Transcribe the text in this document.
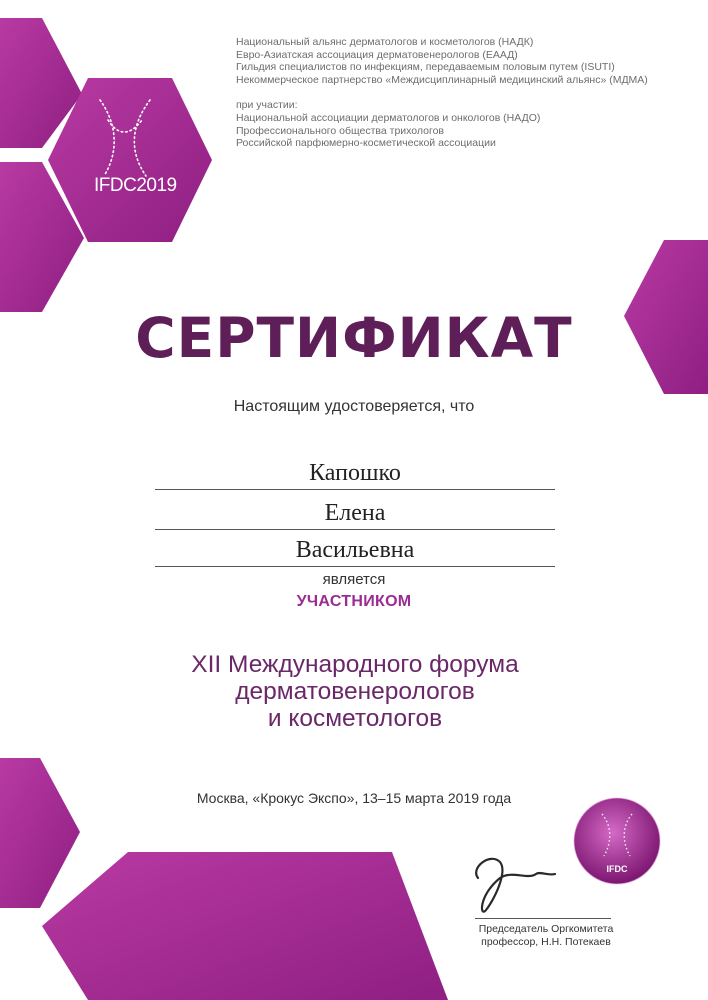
IFDC2019
IFDC
Национальный альянс дерматологов и косметологов (НАДК)
Евро-Азиатская ассоциация дерматовенерологов (ЕААД)
Гильдия специалистов по инфекциям, передаваемым половым путем (ISUTI)
Некоммерческое партнерство «Междисциплинарный медицинский альянс» (МДМА)
при участии:
Национальной ассоциации дерматологов и онкологов (НАДО)
Профессионального общества трихологов
Российской парфюмерно-косметической ассоциации
СЕРТИФИКАТ
Настоящим удостоверяется, что
Капошко
Елена
Васильевна
является
УЧАСТНИКОМ
XII Международного форума
дерматовенерологов
и косметологов
Москва, «Крокус Экспо», 13–15 марта 2019 года
Председатель Оргкомитета
профессор, Н.Н. Потекаев
